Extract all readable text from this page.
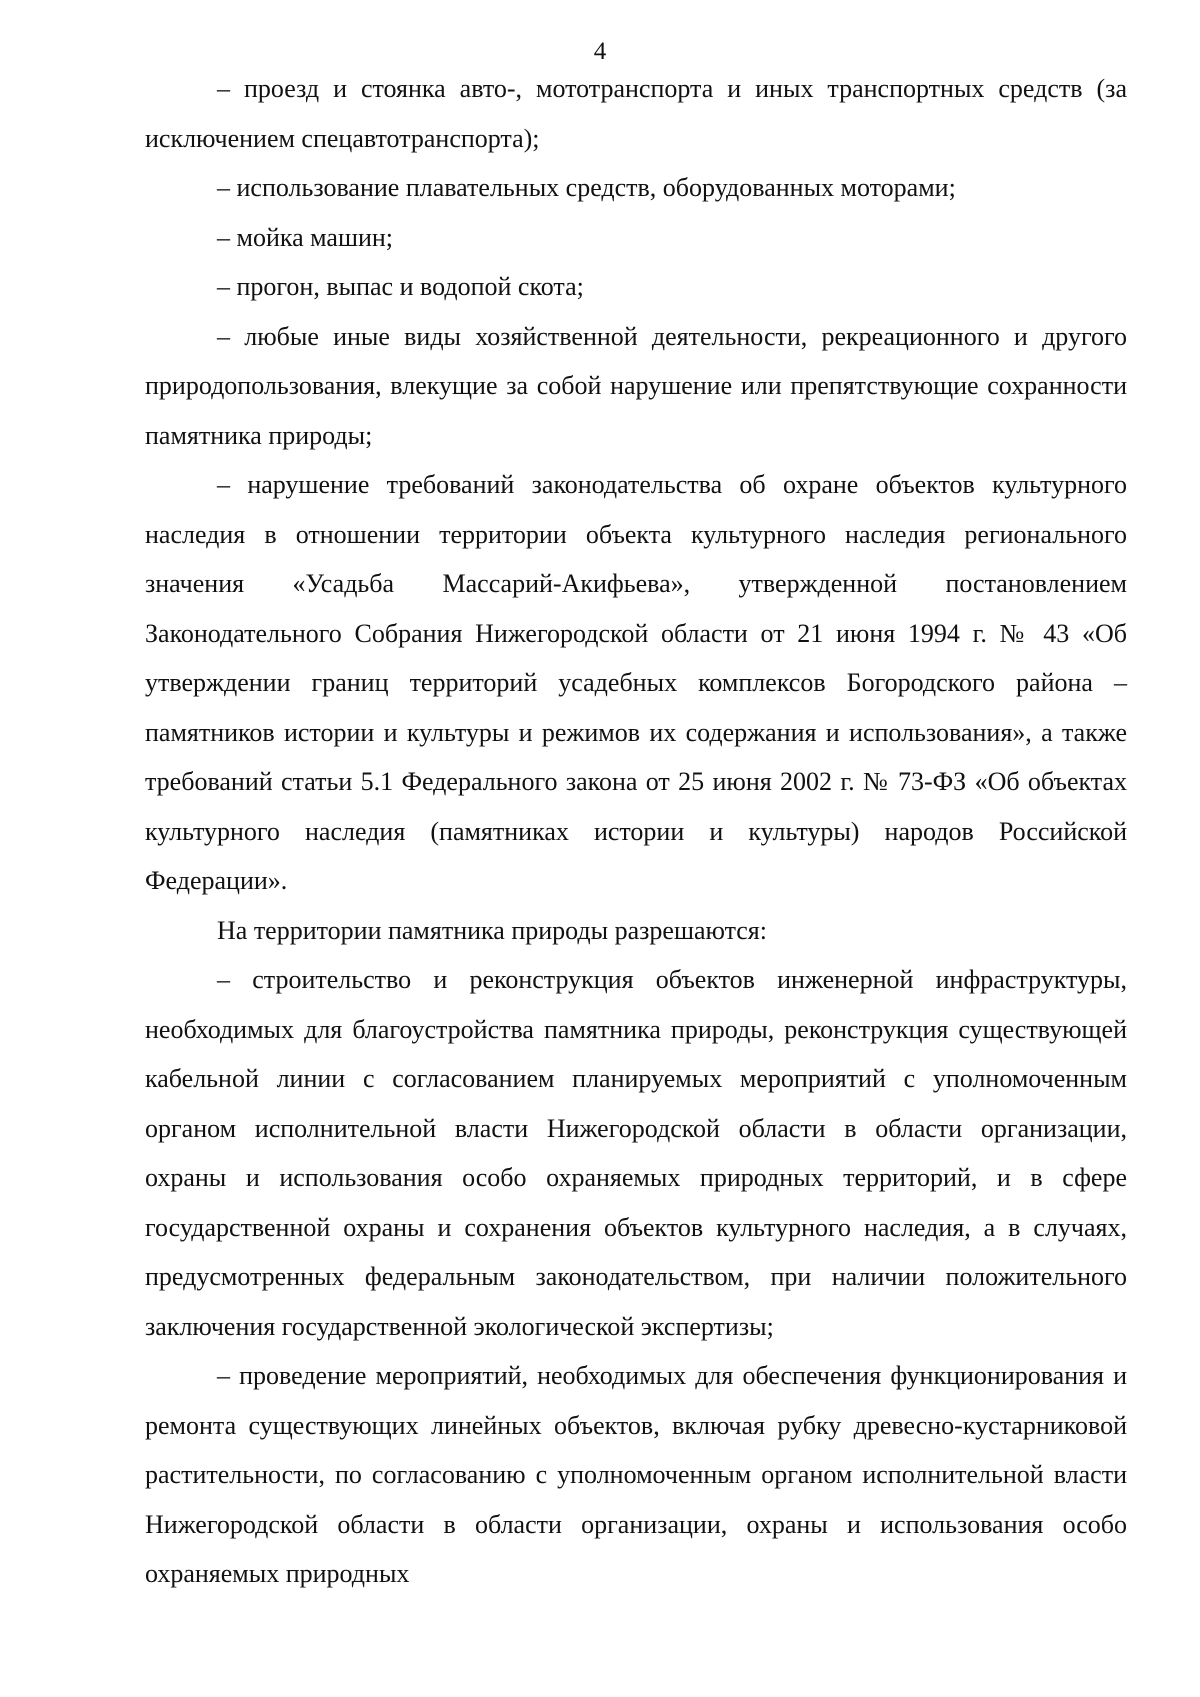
4

– проезд и стоянка авто-, мототранспорта и иных транспортных средств (за исключением спецавтотранспорта);

– использование плавательных средств, оборудованных моторами;

– мойка машин;

– прогон, выпас и водопой скота;

– любые иные виды хозяйственной деятельности, рекреационного и другого природопользования, влекущие за собой нарушение или препятствующие сохранности памятника природы;

– нарушение требований законодательства об охране объектов культурного наследия в отношении территории объекта культурного наследия регионального значения «Усадьба Массарий-Акифьева», утвержденной постановлением Законодательного Собрания Нижегородской области от 21 июня 1994 г. № 43 «Об утверждении границ территорий усадебных комплексов Богородского района – памятников истории и культуры и режимов их содержания и использования», а также требований статьи 5.1 Федерального закона от 25 июня 2002 г. № 73-ФЗ «Об объектах культурного наследия (памятниках истории и культуры) народов Российской Федерации».

На территории памятника природы разрешаются:

– строительство и реконструкция объектов инженерной инфраструктуры, необходимых для благоустройства памятника природы, реконструкция существующей кабельной линии с согласованием планируемых мероприятий с уполномоченным органом исполнительной власти Нижегородской области в области организации, охраны и использования особо охраняемых природных территорий, и в сфере государственной охраны и сохранения объектов культурного наследия, а в случаях, предусмотренных федеральным законодательством, при наличии положительного заключения государственной экологической экспертизы;

– проведение мероприятий, необходимых для обеспечения функционирования и ремонта существующих линейных объектов, включая рубку древесно-кустарниковой растительности, по согласованию с уполномоченным органом исполнительной власти Нижегородской области в области организации, охраны и использования особо охраняемых природных
